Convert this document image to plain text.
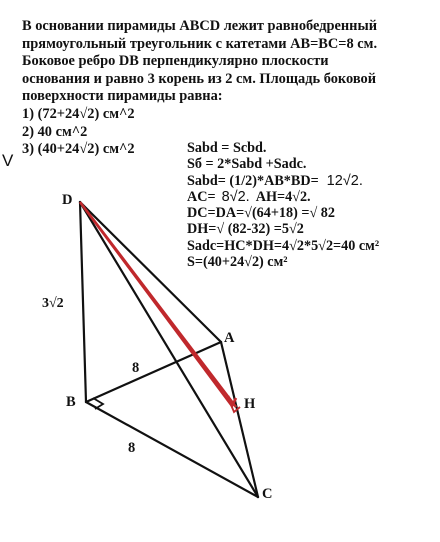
В основании пирамиды ABCD лежит равнобедренный
прямоугольный треугольник с катетами AB=BC=8 см.
Боковое ребро DB перпендикулярно плоскости
основания и равно 3 корень из 2 см. Площадь боковой
поверхности пирамиды равна:
1) (72+24√2) см^2
2) 40 см^2
3) (40+24√2) см^2
V
Sabd = Scbd.
Sб = 2*Sabd +Sadc.
Sabd= (1/2)*AB*BD= 12√2.
AC= 8√2. AH=4√2.
DC=DA=√(64+18) =√ 82
DH=√ (82-32) =5√2
Sadc=HC*DH=4√2*5√2=40 см²
S=(40+24√2) см²
D
A
B
C
H
3√2
8
8
